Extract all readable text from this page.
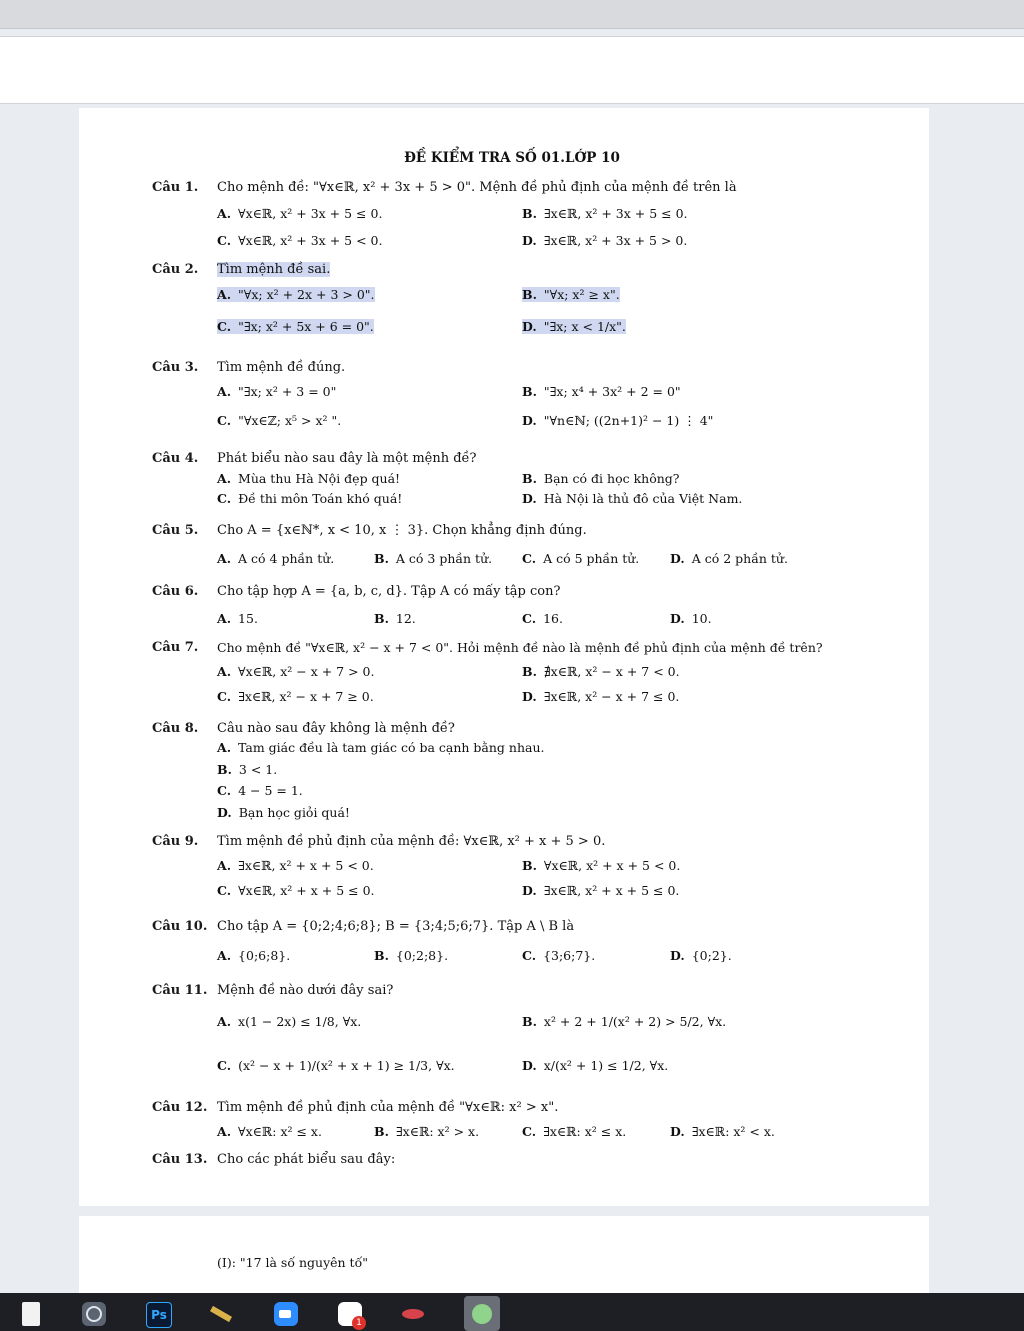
ĐỀ KIỂM TRA SỐ 01.LỚP 10
Câu 1. Cho mệnh đề: "∀x∈ℝ, x² + 3x + 5 > 0". Mệnh đề phủ định của mệnh đề trên là
A. ∀x∈ℝ, x² + 3x + 5 ≤ 0.	B. ∃x∈ℝ, x² + 3x + 5 ≤ 0.
C. ∀x∈ℝ, x² + 3x + 5 < 0.	D. ∃x∈ℝ, x² + 3x + 5 > 0.
Câu 2. Tìm mệnh đề sai.
A. "∀x; x² + 2x + 3 > 0".	B. "∀x; x² ≥ x".
C. "∃x; x² + 5x + 6 = 0".	D. "∃x; x < 1/x".
Câu 3. Tìm mệnh đề đúng.
A. "∃x; x² + 3 = 0"	B. "∃x; x⁴ + 3x² + 2 = 0"
C. "∀x∈ℤ; x⁵ > x² ".	D. "∀n∈ℕ; ((2n+1)² − 1) ⋮ 4"
Câu 4. Phát biểu nào sau đây là một mệnh đề?
A. Mùa thu Hà Nội đẹp quá!	B. Bạn có đi học không?
C. Đề thi môn Toán khó quá!	D. Hà Nội là thủ đô của Việt Nam.
Câu 5. Cho A = {x∈ℕ*, x < 10, x ⋮ 3}. Chọn khẳng định đúng.
A. A có 4 phần tử.	B. A có 3 phần tử. C. A có 5 phần tử. D. A có 2 phần tử.
Câu 6. Cho tập hợp A = {a, b, c, d}. Tập A có mấy tập con?
A. 15.	B. 12.	C. 16.	D. 10.
Câu 7. Cho mệnh đề "∀x∈ℝ, x² − x + 7 < 0". Hỏi mệnh đề nào là mệnh đề phủ định của mệnh đề trên?
A. ∀x∈ℝ, x² − x + 7 > 0.	B. ∄x∈ℝ, x² − x + 7 < 0.
C. ∃x∈ℝ, x² − x + 7 ≥ 0.	D. ∃x∈ℝ, x² − x + 7 ≤ 0.
Câu 8. Câu nào sau đây không là mệnh đề?
A. Tam giác đều là tam giác có ba cạnh bằng nhau.
B. 3 < 1.
C. 4 − 5 = 1.
D. Bạn học giỏi quá!
Câu 9. Tìm mệnh đề phủ định của mệnh đề: ∀x∈ℝ, x² + x + 5 > 0.
A. ∃x∈ℝ, x² + x + 5 < 0.	B. ∀x∈ℝ, x² + x + 5 < 0.
C. ∀x∈ℝ, x² + x + 5 ≤ 0.	D. ∃x∈ℝ, x² + x + 5 ≤ 0.
Câu 10. Cho tập A = {0;2;4;6;8}; B = {3;4;5;6;7}. Tập A \ B là
A. {0;6;8}.	B. {0;2;8}.	C. {3;6;7}.	D. {0;2}.
Câu 11. Mệnh đề nào dưới đây sai?
A. x(1 − 2x) ≤ 1/8, ∀x.	B. x² + 2 + 1/(x² + 2) > 5/2, ∀x.
C. (x² − x + 1)/(x² + x + 1) ≥ 1/3, ∀x.	D. x/(x² + 1) ≤ 1/2, ∀x.
Câu 12. Tìm mệnh đề phủ định của mệnh đề "∀x∈ℝ: x² > x".
A. ∀x∈ℝ: x² ≤ x.	B. ∃x∈ℝ: x² > x.	C. ∃x∈ℝ: x² ≤ x.	D. ∃x∈ℝ: x² < x.
Câu 13. Cho các phát biểu sau đây:
(I): "17 là số nguyên tố"
Ps
1
